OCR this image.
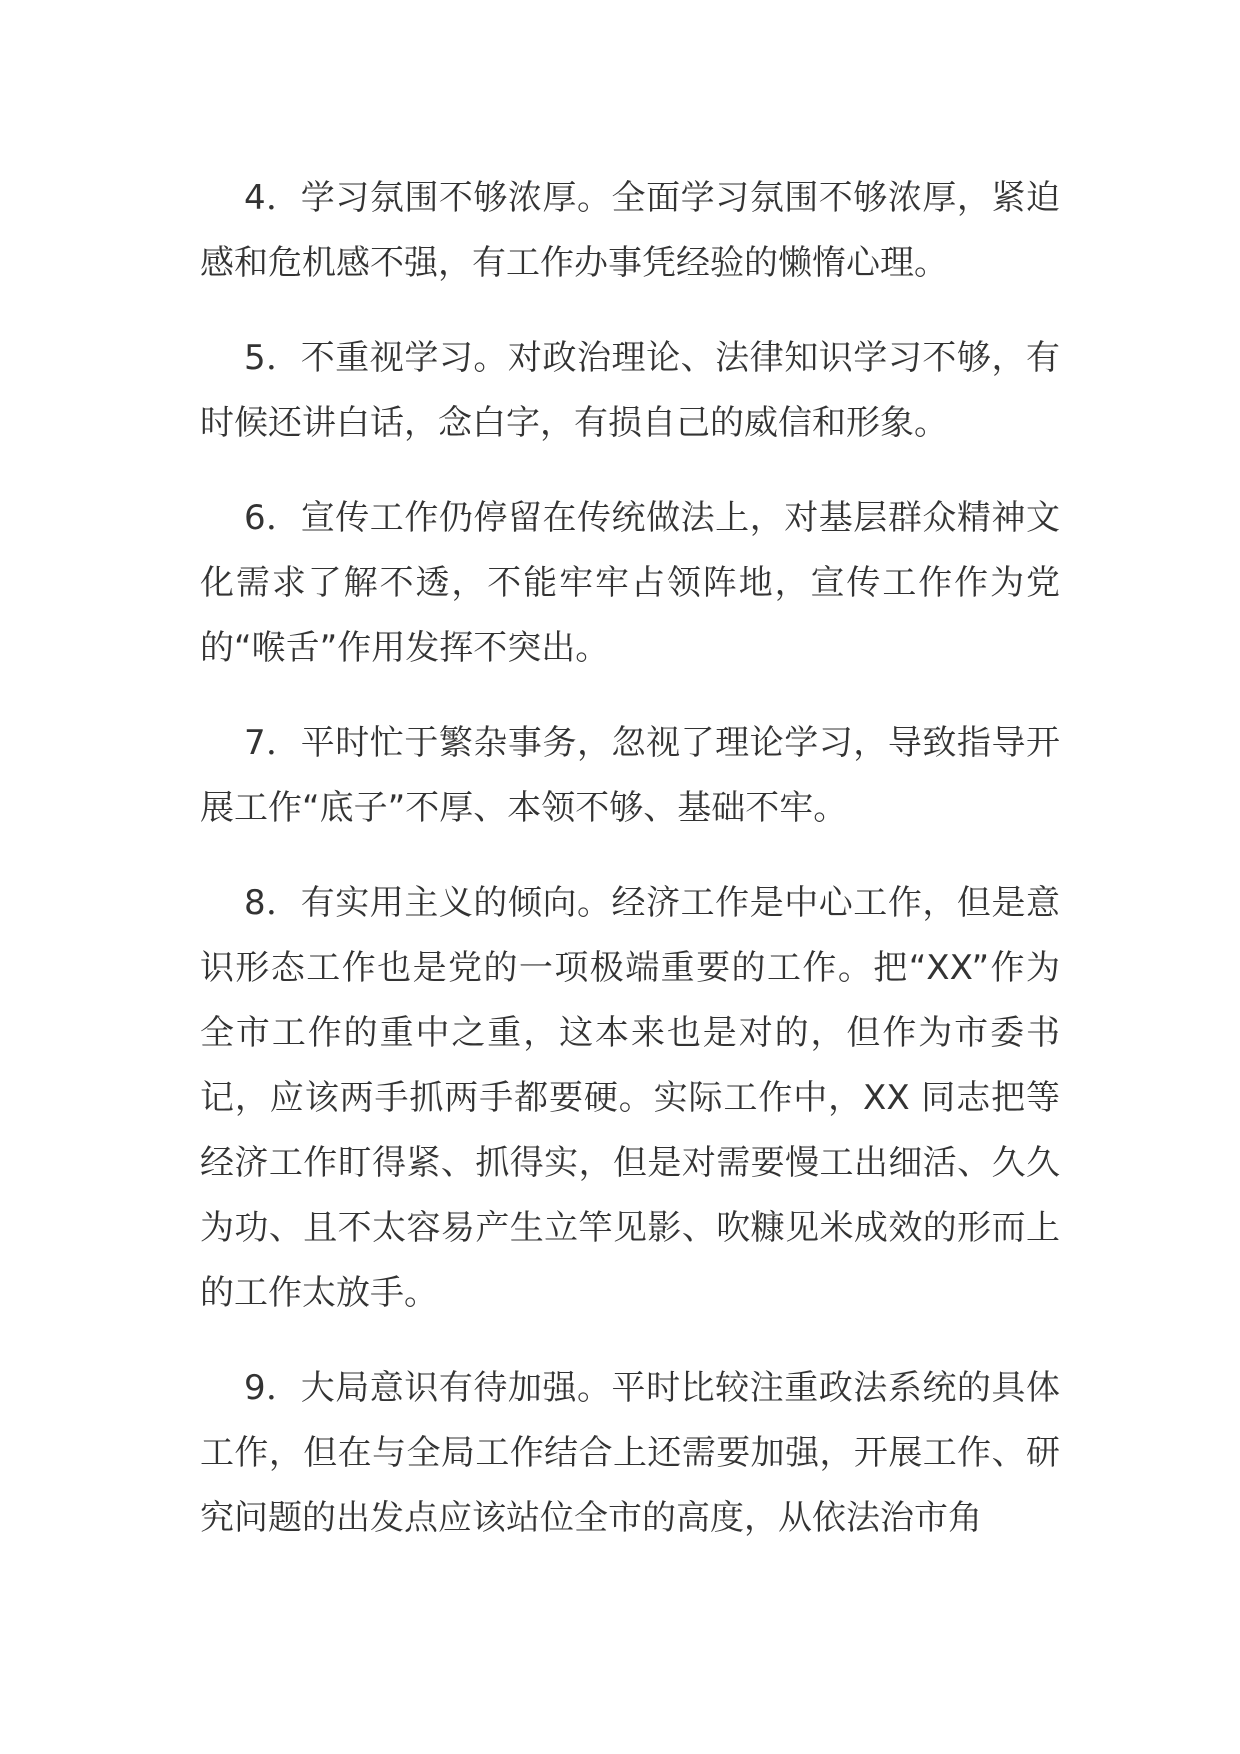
4．学习氛围不够浓厚。全面学习氛围不够浓厚，紧迫感和危机感不强，有工作办事凭经验的懒惰心理。

5．不重视学习。对政治理论、法律知识学习不够，有时候还讲白话，念白字，有损自己的威信和形象。

6．宣传工作仍停留在传统做法上，对基层群众精神文化需求了解不透，不能牢牢占领阵地，宣传工作作为党的“喉舌”作用发挥不突出。

7．平时忙于繁杂事务，忽视了理论学习，导致指导开展工作“底子”不厚、本领不够、基础不牢。

8．有实用主义的倾向。经济工作是中心工作，但是意识形态工作也是党的一项极端重要的工作。把“XX”作为全市工作的重中之重，这本来也是对的，但作为市委书记，应该两手抓两手都要硬。实际工作中，XX 同志把等经济工作盯得紧、抓得实，但是对需要慢工出细活、久久为功、且不太容易产生立竿见影、吹糠见米成效的形而上的工作太放手。

9．大局意识有待加强。平时比较注重政法系统的具体工作，但在与全局工作结合上还需要加强，开展工作、研究问题的出发点应该站位全市的高度，从依法治市角
